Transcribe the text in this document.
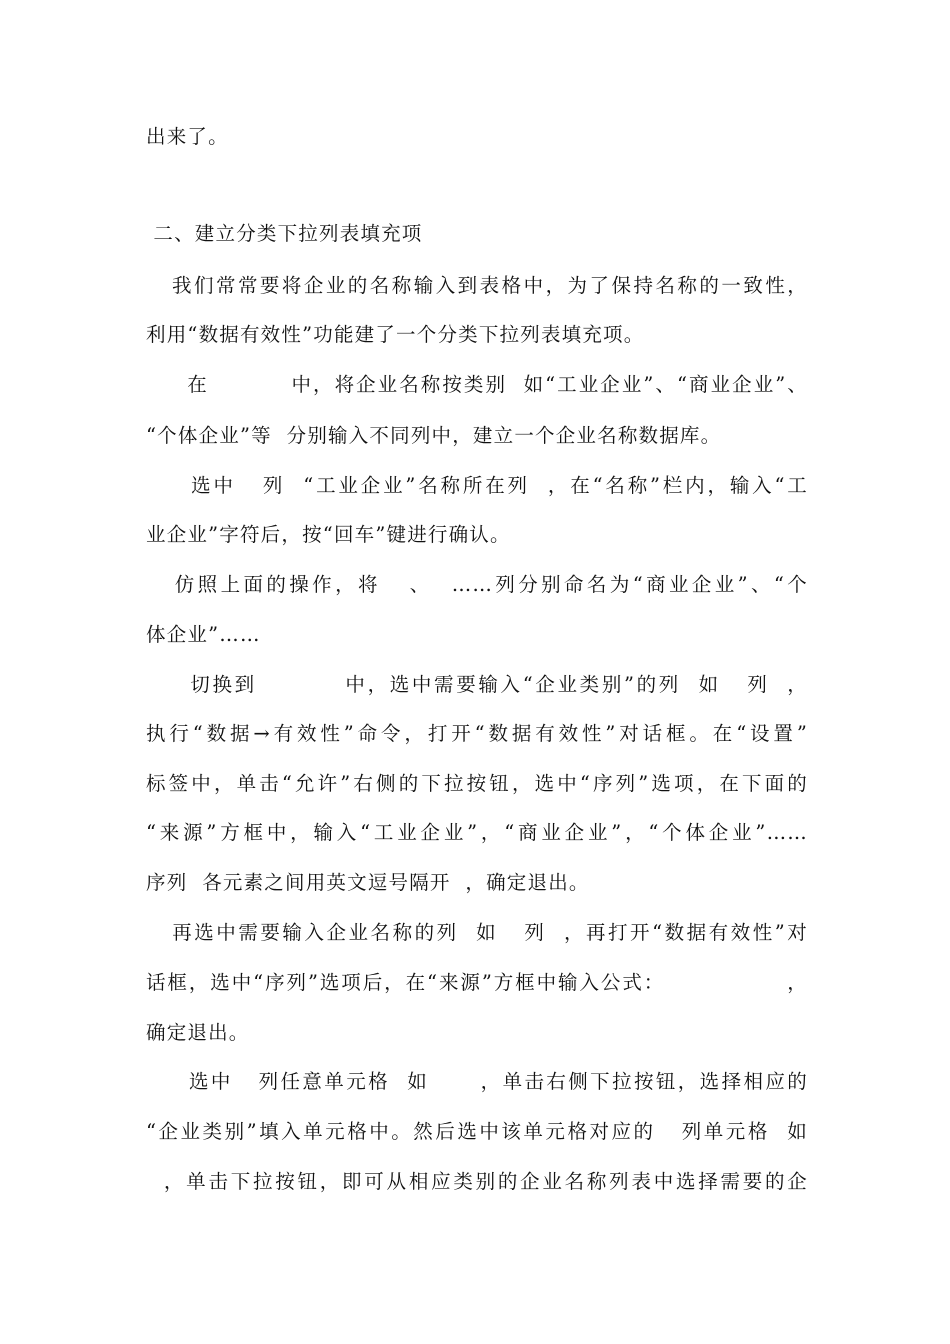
出来了。
二、建立分类下拉列表填充项
我们常常要将企业的名称输入到表格中，为了保持名称的一致性，
利用“数据有效性”功能建了一个分类下拉列表填充项。
在          中，将企业名称按类别  如“工业企业”、“商业企业”、
“个体企业”等  分别输入不同列中，建立一个企业名称数据库。
选中   列  “工业企业”名称所在列  ，在“名称”栏内，输入“工
业企业”字符后，按“回车”键进行确认。
仿照上面的操作，将   、  ……列分别命名为“商业企业”、“个
体企业”……
切换到          中，选中需要输入“企业类别”的列  如   列  ，
执行“数据→有效性”命令，打开“数据有效性”对话框。在“设置”
标签中，单击“允许”右侧的下拉按钮，选中“序列”选项，在下面的
“来源”方框中，输入“工业企业”，“商业企业”，“个体企业”……
序列  各元素之间用英文逗号隔开  ，确定退出。
再选中需要输入企业名称的列  如   列  ，再打开“数据有效性”对
话框，选中“序列”选项后，在“来源”方框中输入公式：               ，
确定退出。
选中   列任意单元格  如      ，单击右侧下拉按钮，选择相应的
“企业类别”填入单元格中。然后选中该单元格对应的   列单元格  如
，单击下拉按钮，即可从相应类别的企业名称列表中选择需要的企
